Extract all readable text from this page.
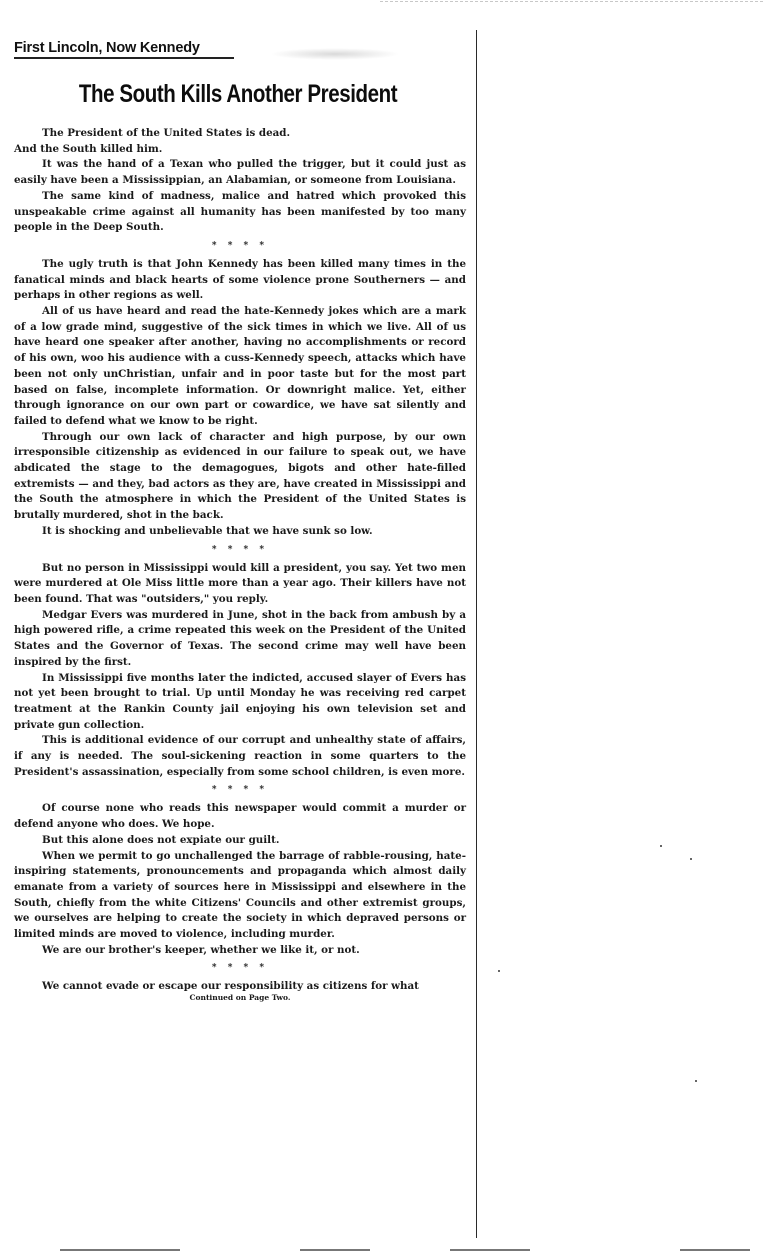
First Lincoln, Now Kennedy
The South Kills Another President

The President of the United States is dead.

And the South killed him.

It was the hand of a Texan who pulled the trigger, but it could just as easily have been a Mississippian, an Alabamian, or someone from Louisiana.

The same kind of madness, malice and hatred which provoked this unspeakable crime against all humanity has been manifested by too many people in the Deep South.

* * * *

The ugly truth is that John Kennedy has been killed many times in the fanatical minds and black hearts of some violence prone Southerners — and perhaps in other regions as well.

All of us have heard and read the hate-Kennedy jokes which are a mark of a low grade mind, suggestive of the sick times in which we live. All of us have heard one speaker after another, having no accomplishments or record of his own, woo his audience with a cuss-Kennedy speech, attacks which have been not only unChristian, unfair and in poor taste but for the most part based on false, incomplete information. Or downright malice. Yet, either through ignorance on our own part or cowardice, we have sat silently and failed to defend what we know to be right.

Through our own lack of character and high purpose, by our own irresponsible citizenship as evidenced in our failure to speak out, we have abdicated the stage to the demagogues, bigots and other hate-filled extremists — and they, bad actors as they are, have created in Mississippi and the South the atmosphere in which the President of the United States is brutally murdered, shot in the back.

It is shocking and unbelievable that we have sunk so low.

* * * *

But no person in Mississippi would kill a president, you say. Yet two men were murdered at Ole Miss little more than a year ago. Their killers have not been found. That was "outsiders," you reply.

Medgar Evers was murdered in June, shot in the back from ambush by a high powered rifle, a crime repeated this week on the President of the United States and the Governor of Texas. The second crime may well have been inspired by the first.

In Mississippi five months later the indicted, accused slayer of Evers has not yet been brought to trial. Up until Monday he was receiving red carpet treatment at the Rankin County jail enjoying his own television set and private gun collection.

This is additional evidence of our corrupt and unhealthy state of affairs, if any is needed. The soul-sickening reaction in some quarters to the President's assassination, especially from some school children, is even more.

* * * *

Of course none who reads this newspaper would commit a murder or defend anyone who does. We hope.

But this alone does not expiate our guilt.

When we permit to go unchallenged the barrage of rabble-rousing, hate-inspiring statements, pronouncements and propaganda which almost daily emanate from a variety of sources here in Mississippi and elsewhere in the South, chiefly from the white Citizens' Councils and other extremist groups, we ourselves are helping to create the society in which depraved persons or limited minds are moved to violence, including murder.

We are our brother's keeper, whether we like it, or not.

* * * *

We cannot evade or escape our responsibility as citizens for what

Continued on Page Two.
